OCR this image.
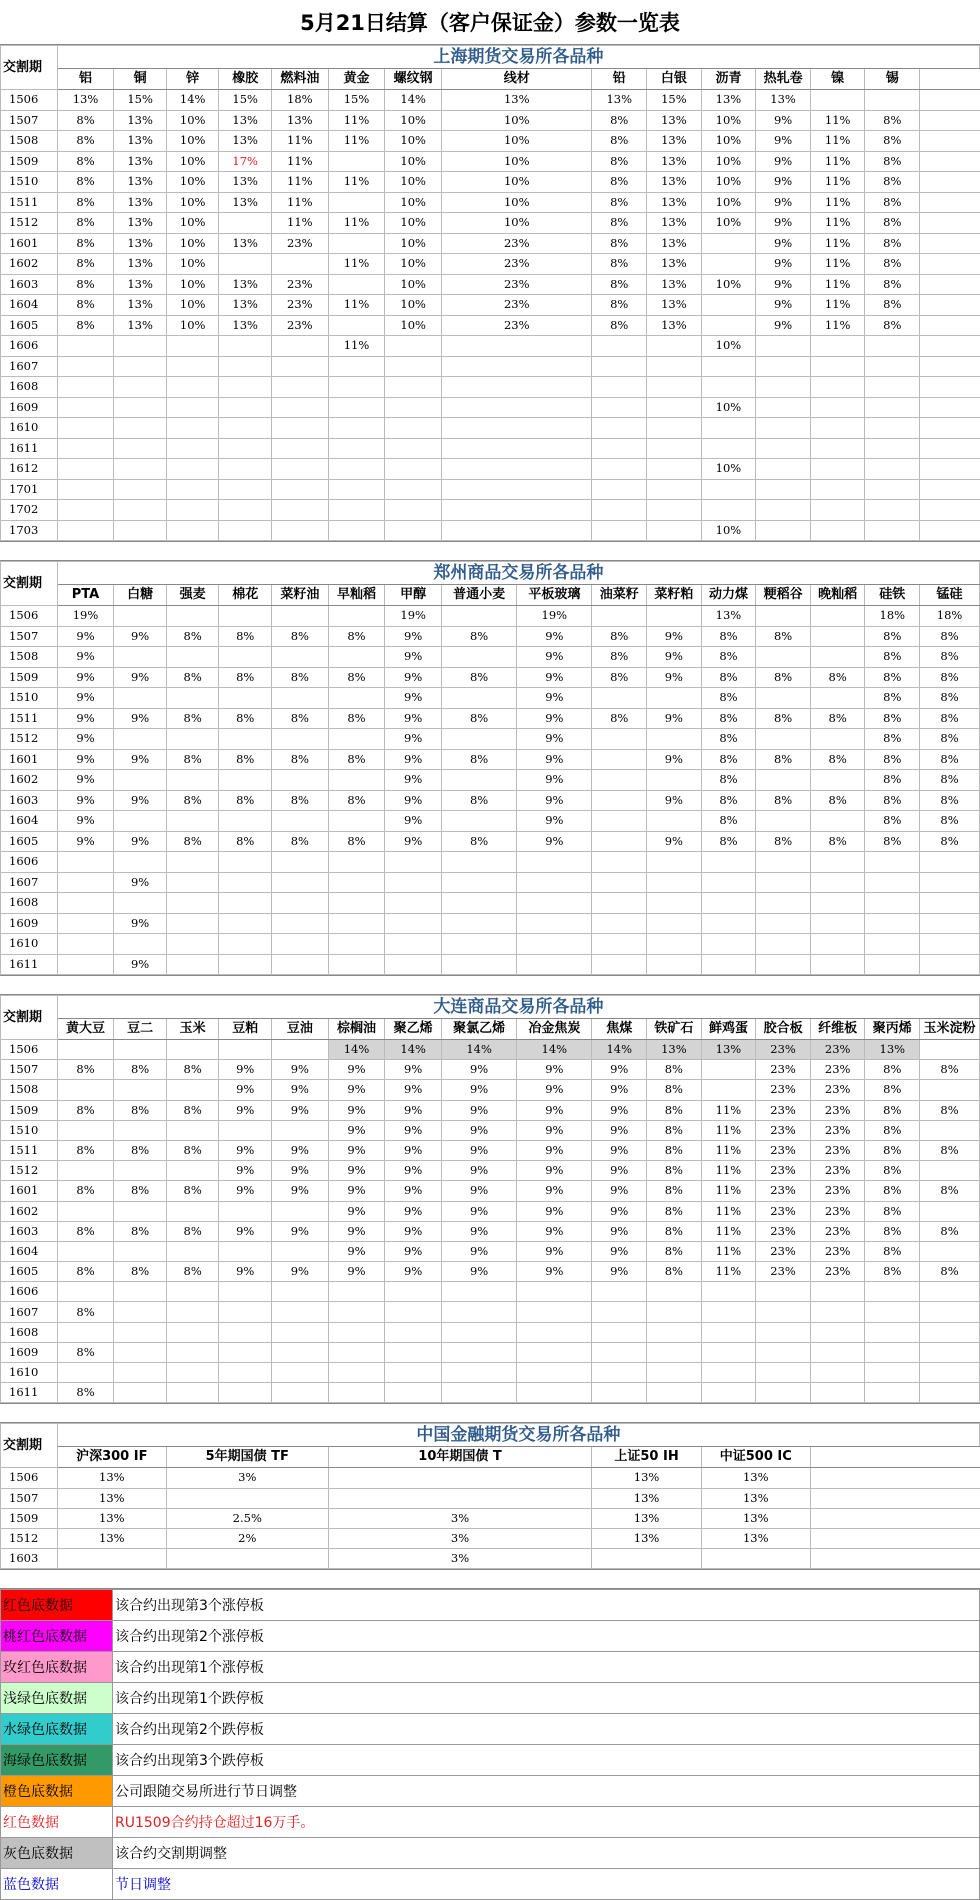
5月21日结算（客户保证金）参数一览表
交割期	上海期货交易所各品种														
	铝	铜	锌	橡胶	燃料油	黄金	螺纹钢	线材	铅	白银	沥青	热轧卷	镍	锡	
1506	13%	15%	14%	15%	18%	15%	14%	13%	13%	15%	13%	13%			
1507	8%	13%	10%	13%	13%	11%	10%	10%	8%	13%	10%	9%	11%	8%	
1508	8%	13%	10%	13%	11%	11%	10%	10%	8%	13%	10%	9%	11%	8%	
1509	8%	13%	10%	17%	11%		10%	10%	8%	13%	10%	9%	11%	8%	
1510	8%	13%	10%	13%	11%	11%	10%	10%	8%	13%	10%	9%	11%	8%	
1511	8%	13%	10%	13%	11%		10%	10%	8%	13%	10%	9%	11%	8%	
1512	8%	13%	10%		11%	11%	10%	10%	8%	13%	10%	9%	11%	8%	
1601	8%	13%	10%	13%	23%		10%	23%	8%	13%		9%	11%	8%	
1602	8%	13%	10%			11%	10%	23%	8%	13%		9%	11%	8%	
1603	8%	13%	10%	13%	23%		10%	23%	8%	13%	10%	9%	11%	8%	
1604	8%	13%	10%	13%	23%	11%	10%	23%	8%	13%		9%	11%	8%	
1605	8%	13%	10%	13%	23%		10%	23%	8%	13%		9%	11%	8%	
1606						11%					10%				
1607															
1608															
1609											10%				
1610															
1611															
1612											10%				
1701															
1702															
1703											10%				
交割期	郑州商品交易所各品种															
	PTA	白糖	强麦	棉花	菜籽油	早籼稻	甲醇	普通小麦	平板玻璃	油菜籽	菜籽粕	动力煤	粳稻谷	晚籼稻	硅铁	锰硅
1506	19%						19%		19%			13%			18%	18%
1507	9%	9%	8%	8%	8%	8%	9%	8%	9%	8%	9%	8%	8%		8%	8%
1508	9%						9%		9%	8%	9%	8%			8%	8%
1509	9%	9%	8%	8%	8%	8%	9%	8%	9%	8%	9%	8%	8%	8%	8%	8%
1510	9%						9%		9%			8%			8%	8%
1511	9%	9%	8%	8%	8%	8%	9%	8%	9%	8%	9%	8%	8%	8%	8%	8%
1512	9%						9%		9%			8%			8%	8%
1601	9%	9%	8%	8%	8%	8%	9%	8%	9%		9%	8%	8%	8%	8%	8%
1602	9%						9%		9%			8%			8%	8%
1603	9%	9%	8%	8%	8%	8%	9%	8%	9%		9%	8%	8%	8%	8%	8%
1604	9%						9%		9%			8%			8%	8%
1605	9%	9%	8%	8%	8%	8%	9%	8%	9%		9%	8%	8%	8%	8%	8%
1606																
1607		9%														
1608																
1609		9%														
1610																
1611		9%														
交割期	大连商品交易所各品种															
	黄大豆	豆二	玉米	豆粕	豆油	棕榈油	聚乙烯	聚氯乙烯	冶金焦炭	焦煤	铁矿石	鲜鸡蛋	胶合板	纤维板	聚丙烯	玉米淀粉
1506						14%	14%	14%	14%	14%	13%	13%	23%	23%	13%	
1507	8%	8%	8%	9%	9%	9%	9%	9%	9%	9%	8%		23%	23%	8%	8%
1508				9%	9%	9%	9%	9%	9%	9%	8%		23%	23%	8%	
1509	8%	8%	8%	9%	9%	9%	9%	9%	9%	9%	8%	11%	23%	23%	8%	8%
1510						9%	9%	9%	9%	9%	8%	11%	23%	23%	8%	
1511	8%	8%	8%	9%	9%	9%	9%	9%	9%	9%	8%	11%	23%	23%	8%	8%
1512				9%	9%	9%	9%	9%	9%	9%	8%	11%	23%	23%	8%	
1601	8%	8%	8%	9%	9%	9%	9%	9%	9%	9%	8%	11%	23%	23%	8%	8%
1602						9%	9%	9%	9%	9%	8%	11%	23%	23%	8%	
1603	8%	8%	8%	9%	9%	9%	9%	9%	9%	9%	8%	11%	23%	23%	8%	8%
1604						9%	9%	9%	9%	9%	8%	11%	23%	23%	8%	
1605	8%	8%	8%	9%	9%	9%	9%	9%	9%	9%	8%	11%	23%	23%	8%	8%
1606																
1607	8%															
1608																
1609	8%															
1610																
1611	8%															
交割期	中国金融期货交易所各品种					
	沪深300 IF	5年期国债 TF	10年期国债 T	上证50 IH	中证500 IC	
1506	13%	3%		13%	13%	
1507	13%			13%	13%	
1509	13%	2.5%	3%	13%	13%	
1512	13%	2%	3%	13%	13%	
1603			3%			
红色底数据	该合约出现第3个涨停板
桃红色底数据	该合约出现第2个涨停板
玫红色底数据	该合约出现第1个涨停板
浅绿色底数据	该合约出现第1个跌停板
水绿色底数据	该合约出现第2个跌停板
海绿色底数据	该合约出现第3个跌停板
橙色底数据	公司跟随交易所进行节日调整
红色数据	RU1509合约持仓超过16万手。
灰色底数据	该合约交割期调整
蓝色数据	节日调整
